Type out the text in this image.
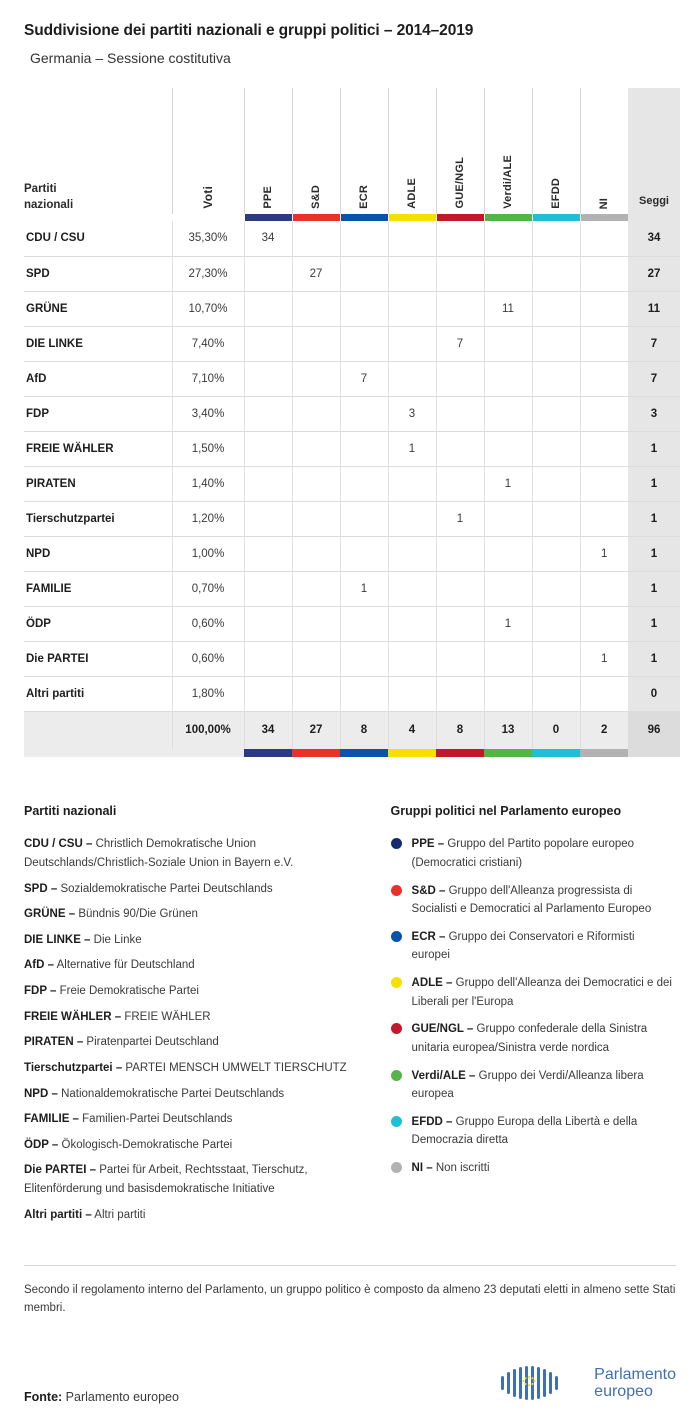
Suddivisione dei partiti nazionali e gruppi politici – 2014–2019
Germania – Sessione costitutiva
Partiti
nazionali	Voti	PPE	S&D	ECR	ADLE	GUE/NGL	Verdi/ALE	EFDD	NI	Seggi

CDU / CSU	35,30%	34								34
SPD	27,30%		27							27
GRÜNE	10,70%						11			11
DIE LINKE	7,40%					7				7
AfD	7,10%			7						7
FDP	3,40%				3					3
FREIE WÄHLER	1,50%				1					1
PIRATEN	1,40%						1			1
Tierschutzpartei	1,20%					1				1
NPD	1,00%								1	1
FAMILIE	0,70%			1						1
ÖDP	0,60%						1			1
Die PARTEI	0,60%								1	1
Altri partiti	1,80%									0
	100,00%	34	27	8	4	8	13	0	2	96

Partiti nazionali
CDU / CSU – Christlich Demokratische Union Deutschlands/Christlich-Soziale Union in Bayern e.V.
SPD – Sozialdemokratische Partei Deutschlands
GRÜNE – Bündnis 90/Die Grünen
DIE LINKE – Die Linke
AfD – Alternative für Deutschland
FDP – Freie Demokratische Partei
FREIE WÄHLER – FREIE WÄHLER
PIRATEN – Piratenpartei Deutschland
Tierschutzpartei – PARTEI MENSCH UMWELT TIERSCHUTZ
NPD – Nationaldemokratische Partei Deutschlands
FAMILIE – Familien-Partei Deutschlands
ÖDP – Ökologisch-Demokratische Partei
Die PARTEI – Partei für Arbeit, Rechtsstaat, Tierschutz, Elitenförderung und basisdemokratische Initiative
Altri partiti – Altri partiti
Gruppi politici nel Parlamento europeo
PPE – Gruppo del Partito popolare europeo (Democratici cristiani)
S&D – Gruppo dell'Alleanza progressista di Socialisti e Democratici al Parlamento Europeo
ECR – Gruppo dei Conservatori e Riformisti europei
ADLE – Gruppo dell'Alleanza dei Democratici e dei Liberali per l'Europa
GUE/NGL – Gruppo confederale della Sinistra unitaria europea/Sinistra verde nordica
Verdi/ALE – Gruppo dei Verdi/Alleanza libera europea
EFDD – Gruppo Europa della Libertà e della Democrazia diretta
NI – Non iscritti
Secondo il regolamento interno del Parlamento, un gruppo politico è composto da almeno 23 deputati eletti in almeno sette Stati membri.
Fonte: Parlamento europeo
Parlamento
europeo
